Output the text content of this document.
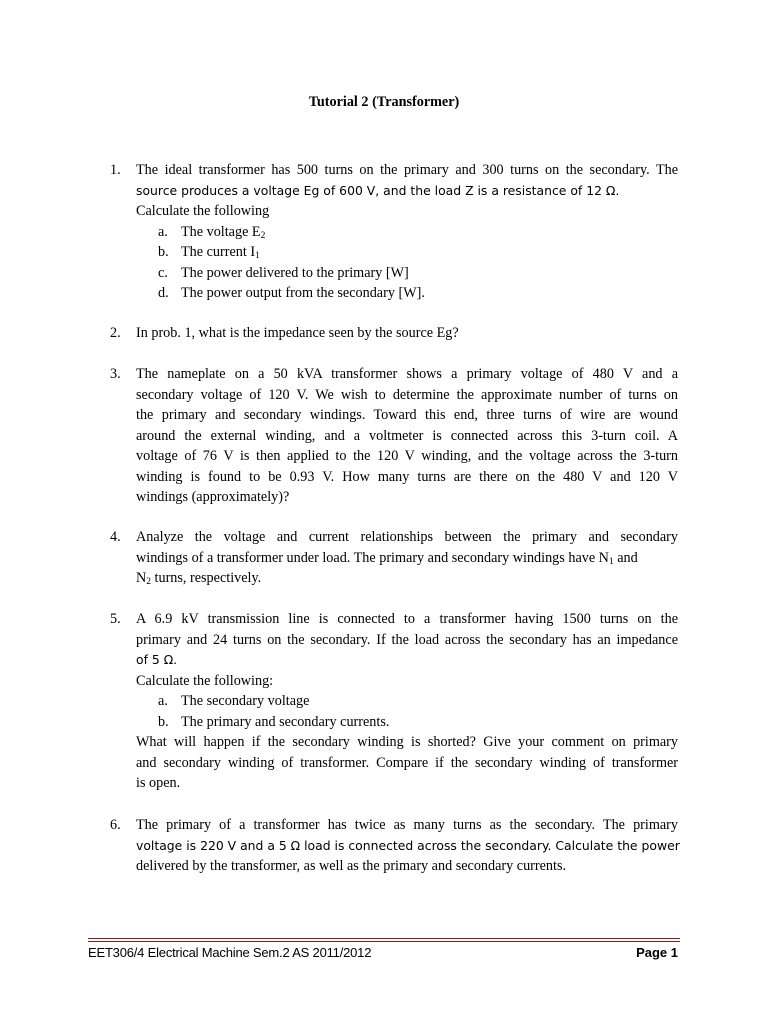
Tutorial 2 (Transformer)
1.	The ideal transformer has 500 turns on the primary and 300 turns on the secondary. The
source produces a voltage Eg of 600 V, and the load Z is a resistance of 12 Ω.
Calculate the following
a. The voltage $E_2$
b. The current $I_1$
c. The power delivered to the primary [W]
d. The power output from the secondary [W].
2.	In prob. 1, what is the impedance seen by the source Eg?
3.	The nameplate on a 50 kVA transformer shows a primary voltage of 480 V and a
secondary voltage of 120 V. We wish to determine the approximate number of turns on
the primary and secondary windings. Toward this end, three turns of wire are wound
around the external winding, and a voltmeter is connected across this 3-turn coil. A
voltage of 76 V is then applied to the 120 V winding, and the voltage across the 3-turn
winding is found to be 0.93 V. How many turns are there on the 480 V and 120 V
windings (approximately)?
4.	Analyze the voltage and current relationships between the primary and secondary
windings of a transformer under load. The primary and secondary windings have $N_1$ and
$N_2$ turns, respectively.
5.	A 6.9 kV transmission line is connected to a transformer having 1500 turns on the
primary and 24 turns on the secondary. If the load across the secondary has an impedance
of 5 Ω.
Calculate the following:
a. The secondary voltage
b. The primary and secondary currents.
What will happen if the secondary winding is shorted? Give your comment on primary
and secondary winding of transformer. Compare if the secondary winding of transformer
is open.
6.	The primary of a transformer has twice as many turns as the secondary. The primary
voltage is 220 V and a 5 Ω load is connected across the secondary. Calculate the power
delivered by the transformer, as well as the primary and secondary currents.
EET306/4 Electrical Machine Sem.2 AS 2011/2012	Page 1
